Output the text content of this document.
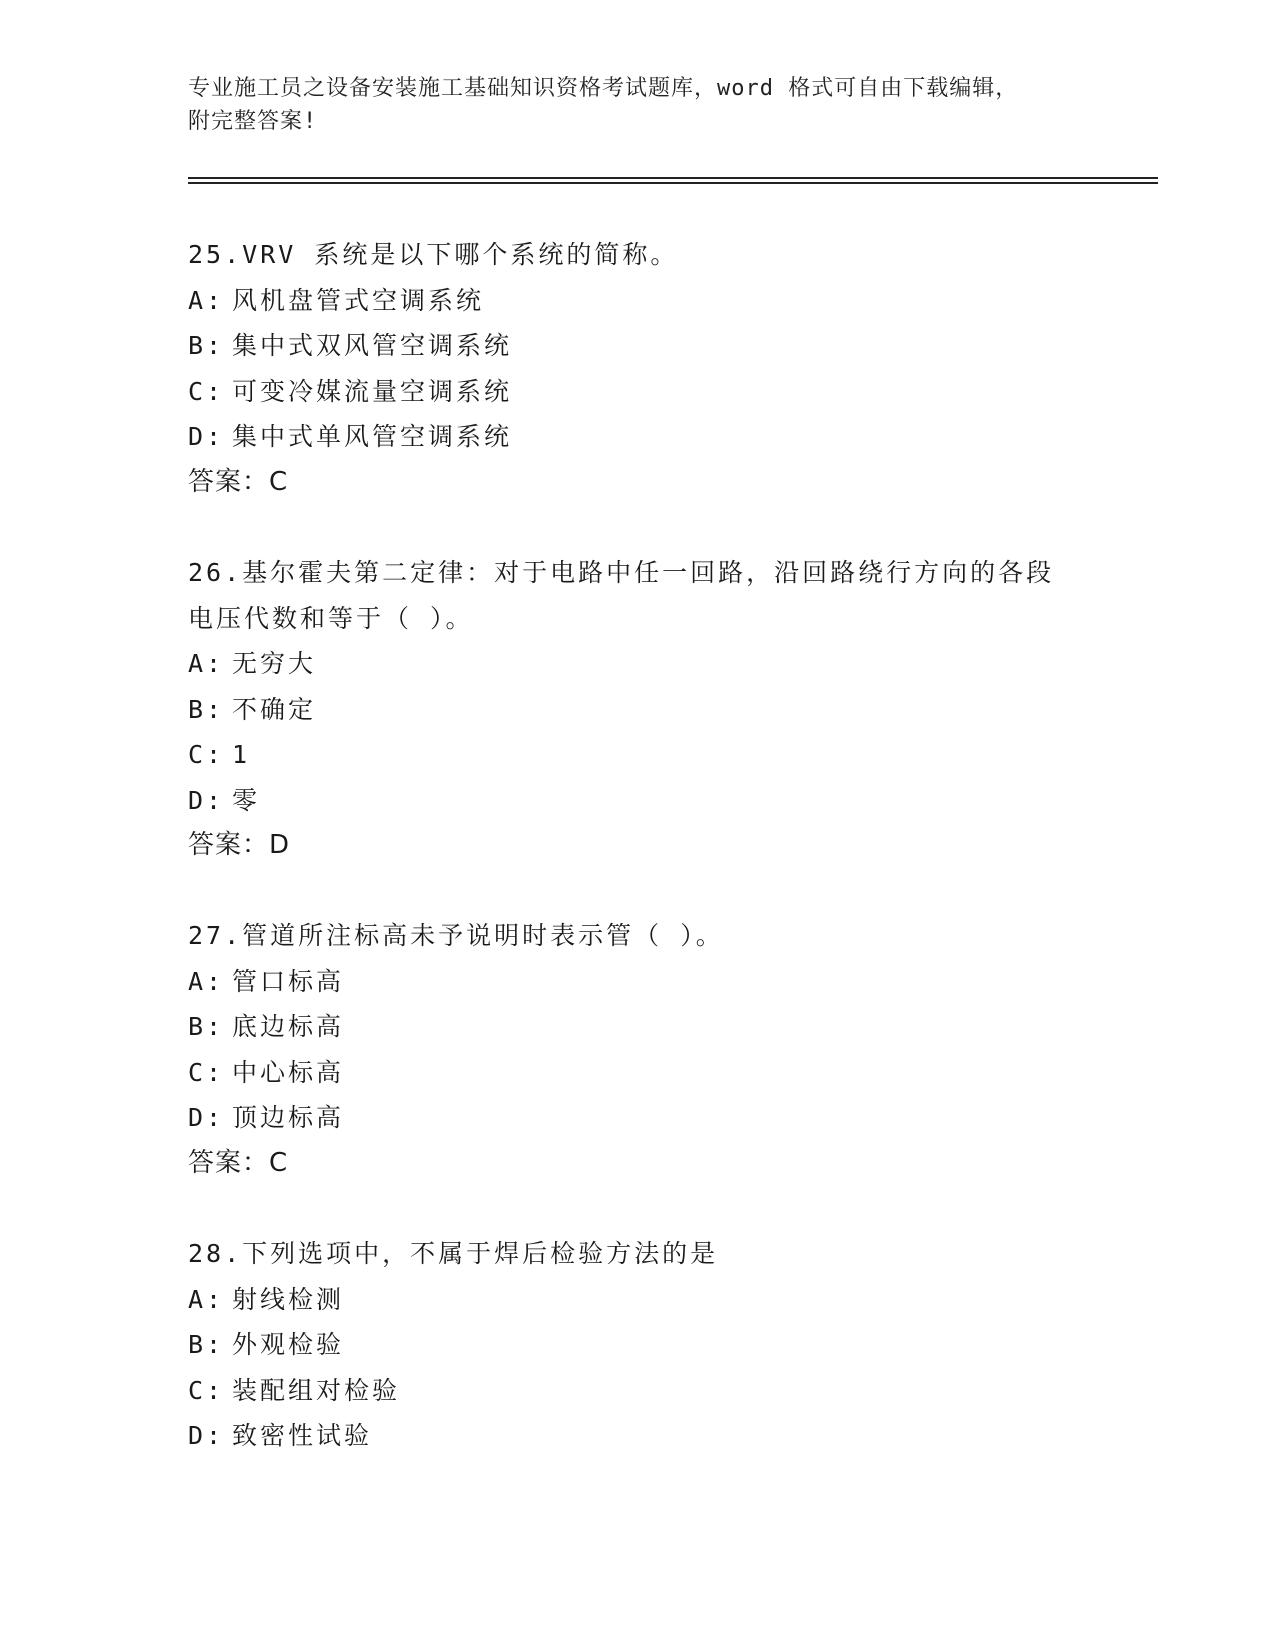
专业施工员之设备安装施工基础知识资格考试题库，word 格式可自由下载编辑，
附完整答案!
25.VRV 系统是以下哪个系统的简称。
A: 风机盘管式空调系统
B: 集中式双风管空调系统
C: 可变冷媒流量空调系统
D: 集中式单风管空调系统
答案：C
26.基尔霍夫第二定律：对于电路中任一回路，沿回路绕行方向的各段
电压代数和等于（ ）。
A: 无穷大
B: 不确定
C: 1
D: 零
答案：D
27.管道所注标高未予说明时表示管（ ）。
A: 管口标高
B: 底边标高
C: 中心标高
D: 顶边标高
答案：C
28.下列选项中，不属于焊后检验方法的是
A: 射线检测
B: 外观检验
C: 装配组对检验
D: 致密性试验
